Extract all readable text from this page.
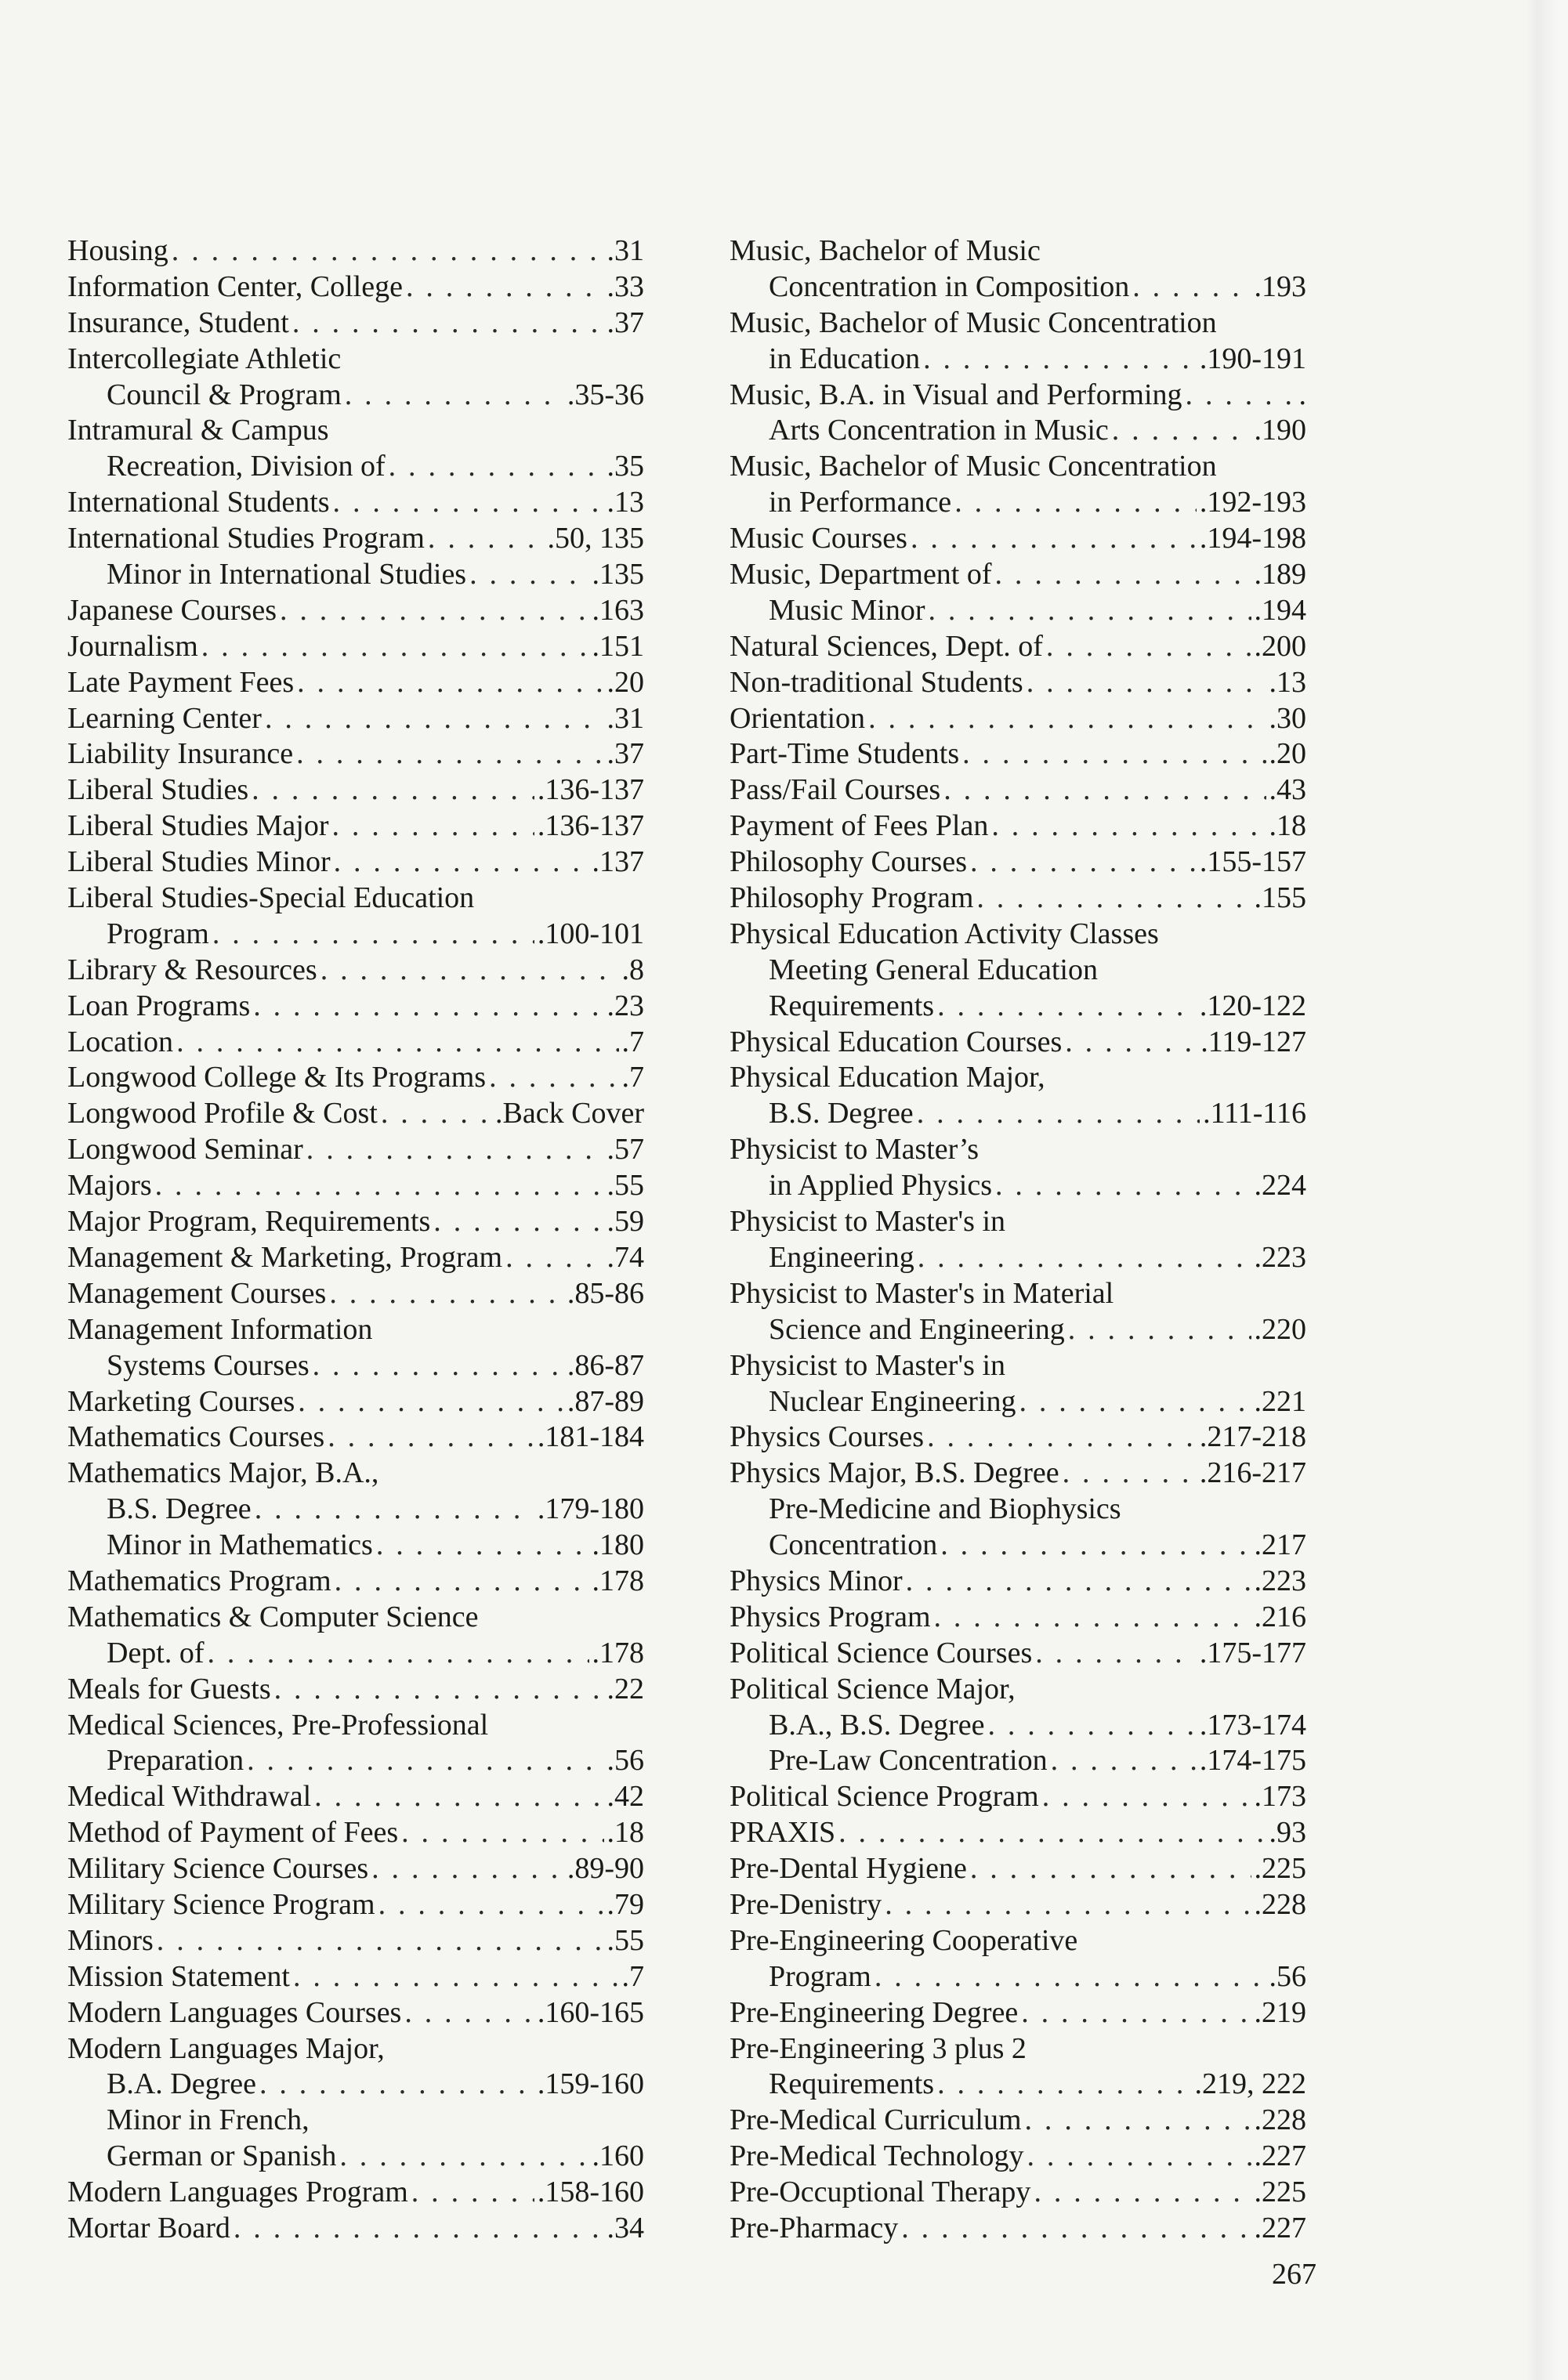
Housing . . .	.31
Information Center, College . . .	.33
Insurance, Student . . .	.37
Intercollegiate Athletic
Council & Program . . .	.35-36
Intramural & Campus
Recreation, Division of . . .	.35
International Students . . .	.13
International Studies Program . . .	.50, 135
Minor in International Studies . . .	.135
Japanese Courses . . .	.163
Journalism . . .	.151
Late Payment Fees . . .	.20
Learning Center . . .	.31
Liability Insurance . . .	.37
Liberal Studies . . .	.136-137
Liberal Studies Major . . .	.136-137
Liberal Studies Minor . . .	.137
Liberal Studies-Special Education
Program . . .	.100-101
Library & Resources . . .	.8
Loan Programs . . .	.23
Location . . .	.7
Longwood College & Its Programs . . .	.7
Longwood Profile & Cost . . .	.Back Cover
Longwood Seminar . . .	.57
Majors . . .	.55
Major Program, Requirements . . .	.59
Management & Marketing, Program . . .	.74
Management Courses . . .	.85-86
Management Information
Systems Courses . . .	.86-87
Marketing Courses . . .	.87-89
Mathematics Courses . . .	.181-184
Mathematics Major, B.A.,
B.S. Degree . . .	.179-180
Minor in Mathematics . . .	.180
Mathematics Program . . .	.178
Mathematics & Computer Science
Dept. of . . .	.178
Meals for Guests . . .	.22
Medical Sciences, Pre-Professional
Preparation . . .	.56
Medical Withdrawal . . .	.42
Method of Payment of Fees . . .	.18
Military Science Courses . . .	.89-90
Military Science Program . . .	.79
Minors . . .	.55
Mission Statement . . .	.7
Modern Languages Courses . . .	.160-165
Modern Languages Major,
B.A. Degree . . .	.159-160
Minor in French,
German or Spanish . . .	.160
Modern Languages Program . . .	.158-160
Mortar Board . . .	.34
Music, Bachelor of Music
Concentration in Composition . . .	.193
Music, Bachelor of Music Concentration
in Education . . .	.190-191
Music, B.A. in Visual and Performing . . .	.
Arts Concentration in Music . . .	.190
Music, Bachelor of Music Concentration
in Performance . . .	.192-193
Music Courses . . .	.194-198
Music, Department of . . .	.189
Music Minor . . .	.194
Natural Sciences, Dept. of . . .	.200
Non-traditional Students . . .	.13
Orientation . . .	.30
Part-Time Students . . .	.20
Pass/Fail Courses . . .	.43
Payment of Fees Plan . . .	.18
Philosophy Courses . . .	.155-157
Philosophy Program . . .	.155
Physical Education Activity Classes
Meeting General Education
Requirements . . .	.120-122
Physical Education Courses . . .	.119-127
Physical Education Major,
B.S. Degree . . .	.111-116
Physicist to Master’s
in Applied Physics . . .	.224
Physicist to Master's in
Engineering . . .	.223
Physicist to Master's in Material
Science and Engineering . . .	.220
Physicist to Master's in
Nuclear Engineering . . .	.221
Physics Courses . . .	.217-218
Physics Major, B.S. Degree . . .	.216-217
Pre-Medicine and Biophysics
Concentration . . .	.217
Physics Minor . . .	.223
Physics Program . . .	.216
Political Science Courses . . .	.175-177
Political Science Major,
B.A., B.S. Degree . . .	.173-174
Pre-Law Concentration . . .	.174-175
Political Science Program . . .	.173
PRAXIS . . .	.93
Pre-Dental Hygiene . . .	.225
Pre-Denistry . . .	.228
Pre-Engineering Cooperative
Program . . .	.56
Pre-Engineering Degree . . .	.219
Pre-Engineering 3 plus 2
Requirements . . .	.219, 222
Pre-Medical Curriculum . . .	.228
Pre-Medical Technology . . .	.227
Pre-Occuptional Therapy . . .	.225
Pre-Pharmacy . . .	.227
267
